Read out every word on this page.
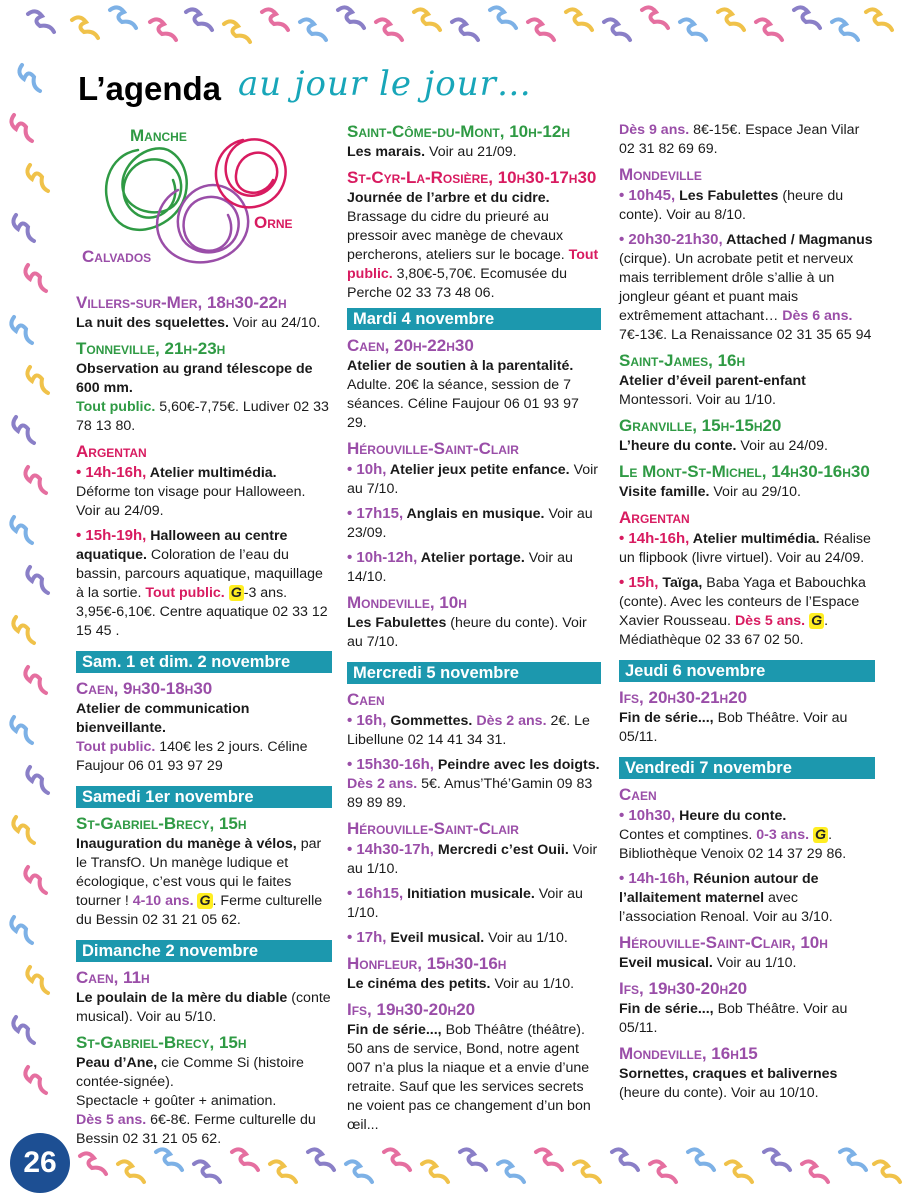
26
L’agenda au jour le jour…
Manche
Orne
Calvados
Villers-sur-Mer, 18h30-22h
La nuit des squelettes. Voir au 24/10.
Tonneville, 21h-23h
Observation au grand télescope de 600 mm.
Tout public. 5,60€-7,75€. Ludiver 02 33 78 13 80.
Argentan
• 14h-16h, Atelier multimédia.
Déforme ton visage pour Halloween. Voir au 24/09.
• 15h-19h, Halloween au centre aquatique. Coloration de l’eau du bassin, parcours aquatique, maquillage à la sortie. Tout public. G -3 ans. 3,95€-6,10€. Centre aquatique 02 33 12 15 45 .
Sam. 1 et dim. 2 novembre
Caen, 9h30-18h30
Atelier de communication bienveillante.
Tout public. 140€ les 2 jours. Céline Faujour 06 01 93 97 29
Samedi 1er novembre
St-Gabriel-Brecy, 15h
Inauguration du manège à vélos, par le TransfO. Un manège ludique et écologique, c’est vous qui le faites tourner ! 4-10 ans. G . Ferme culturelle du Bessin 02 31 21 05 62.
Dimanche 2 novembre
Caen, 11h
Le poulain de la mère du diable (conte musical). Voir au 5/10.
St-Gabriel-Brecy, 15h
Peau d’Ane, cie Comme Si (histoire contée-signée).
Spectacle + goûter + animation.
Dès 5 ans. 6€-8€. Ferme culturelle du Bessin 02 31 21 05 62.
Saint-Côme-du-Mont, 10h-12h
Les marais. Voir au 21/09.
St-Cyr-La-Rosière, 10h30-17h30
Journée de l’arbre et du cidre. Brassage du cidre du prieuré au pressoir avec manège de chevaux percherons, ateliers sur le bocage. Tout public. 3,80€-5,70€. Ecomusée du Perche 02 33 73 48 06.
Mardi 4 novembre
Caen, 20h-22h30
Atelier de soutien à la parentalité. Adulte. 20€ la séance, session de 7 séances. Céline Faujour 06 01 93 97 29.
Hérouville-Saint-Clair
• 10h, Atelier jeux petite enfance. Voir au 7/10.
• 17h15, Anglais en musique. Voir au 23/09.
• 10h-12h, Atelier portage. Voir au 14/10.
Mondeville, 10h
Les Fabulettes (heure du conte). Voir au 7/10.
Mercredi 5 novembre
Caen
• 16h, Gommettes. Dès 2 ans. 2€. Le Libellune 02 14 41 34 31.
• 15h30-16h, Peindre avec les doigts. Dès 2 ans. 5€. Amus’Thé’Gamin 09 83 89 89 89.
Hérouville-Saint-Clair
• 14h30-17h, Mercredi c’est Ouii. Voir au 1/10.
• 16h15, Initiation musicale. Voir au 1/10.
• 17h, Eveil musical. Voir au 1/10.
Honfleur, 15h30-16h
Le cinéma des petits. Voir au 1/10.
Ifs, 19h30-20h20
Fin de série..., Bob Théâtre (théâtre). 50 ans de service, Bond, notre agent 007 n’a plus la niaque et a envie d’une retraite. Sauf que les services secrets ne voient pas ce changement d’un bon œil...
Dès 9 ans. 8€-15€. Espace Jean Vilar 02 31 82 69 69.
Mondeville
• 10h45, Les Fabulettes (heure du conte). Voir au 8/10.
• 20h30-21h30, Attached / Magmanus (cirque). Un acrobate petit et nerveux mais terriblement drôle s’allie à un jongleur géant et puant mais extrêmement attachant… Dès 6 ans. 7€-13€. La Renaissance 02 31 35 65 94
Saint-James, 16h
Atelier d’éveil parent-enfant
Montessori. Voir au 1/10.
Granville, 15h-15h20
L’heure du conte. Voir au 24/09.
Le Mont-St-Michel, 14h30-16h30
Visite famille. Voir au 29/10.
Argentan
• 14h-16h, Atelier multimédia. Réalise un flipbook (livre virtuel). Voir au 24/09.
• 15h, Taïga, Baba Yaga et Babouchka (conte). Avec les conteurs de l’Espace Xavier Rousseau. Dès 5 ans. G . Médiathèque 02 33 67 02 50.
Jeudi 6 novembre
Ifs, 20h30-21h20
Fin de série..., Bob Théâtre. Voir au 05/11.
Vendredi 7 novembre
Caen
• 10h30, Heure du conte.
Contes et comptines. 0-3 ans. G . Bibliothèque Venoix 02 14 37 29 86.
• 14h-16h, Réunion autour de l’allaitement maternel avec l’association Renoal. Voir au 3/10.
Hérouville-Saint-Clair, 10h
Eveil musical. Voir au 1/10.
Ifs, 19h30-20h20
Fin de série..., Bob Théâtre. Voir au 05/11.
Mondeville, 16h15
Sornettes, craques et balivernes (heure du conte). Voir au 10/10.
